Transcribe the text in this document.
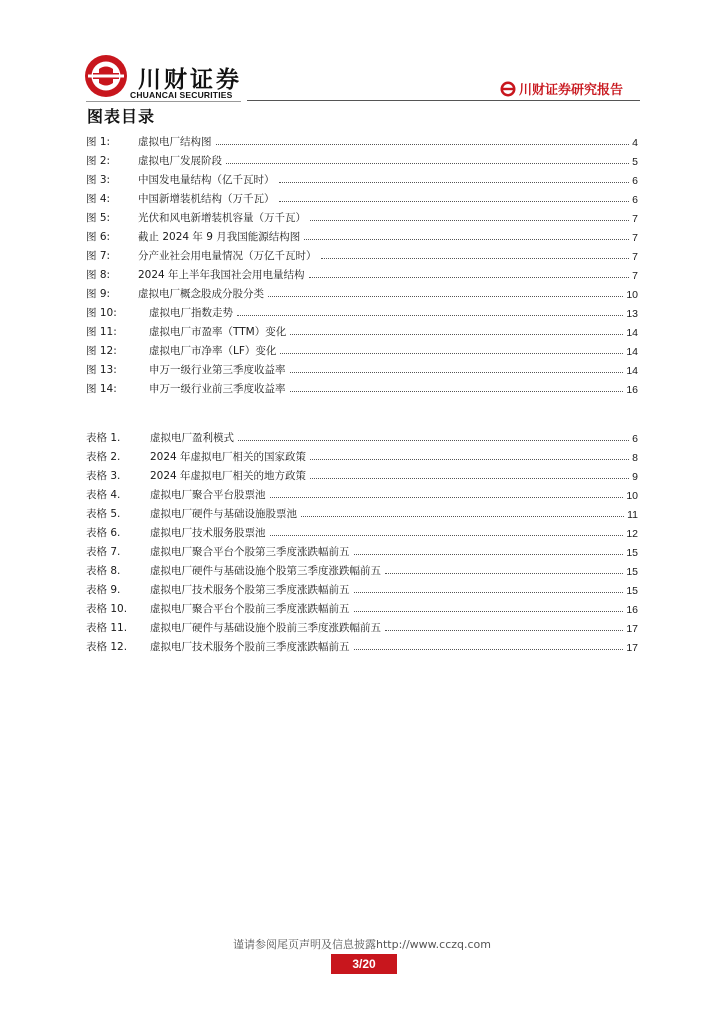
川财证券
CHUANCAI SECURITIES	川财证券研究报告
图表目录
图 1:	虚拟电厂结构图	4
图 2:	虚拟电厂发展阶段	5
图 3:	中国发电量结构（亿千瓦时）	6
图 4:	中国新增装机结构（万千瓦）	6
图 5:	光伏和风电新增装机容量（万千瓦）	7
图 6:	截止 2024 年 9 月我国能源结构图	7
图 7:	分产业社会用电量情况（万亿千瓦时）	7
图 8:	2024 年上半年我国社会用电量结构	7
图 9:	虚拟电厂概念股成分股分类	10
图 10:	虚拟电厂指数走势	13
图 11:	虚拟电厂市盈率（TTM）变化	14
图 12:	虚拟电厂市净率（LF）变化	14
图 13:	申万一级行业第三季度收益率	14
图 14:	申万一级行业前三季度收益率	16
表格 1.	虚拟电厂盈利模式	6
表格 2.	2024 年虚拟电厂相关的国家政策	8
表格 3.	2024 年虚拟电厂相关的地方政策	9
表格 4.	虚拟电厂聚合平台股票池	10
表格 5.	虚拟电厂硬件与基础设施股票池	11
表格 6.	虚拟电厂技术服务股票池	12
表格 7.	虚拟电厂聚合平台个股第三季度涨跌幅前五	15
表格 8.	虚拟电厂硬件与基础设施个股第三季度涨跌幅前五	15
表格 9.	虚拟电厂技术服务个股第三季度涨跌幅前五	15
表格 10.	虚拟电厂聚合平台个股前三季度涨跌幅前五	16
表格 11.	虚拟电厂硬件与基础设施个股前三季度涨跌幅前五	17
表格 12.	虚拟电厂技术服务个股前三季度涨跌幅前五	17
谨请参阅尾页声明及信息披露http://www.cczq.com
3/20
